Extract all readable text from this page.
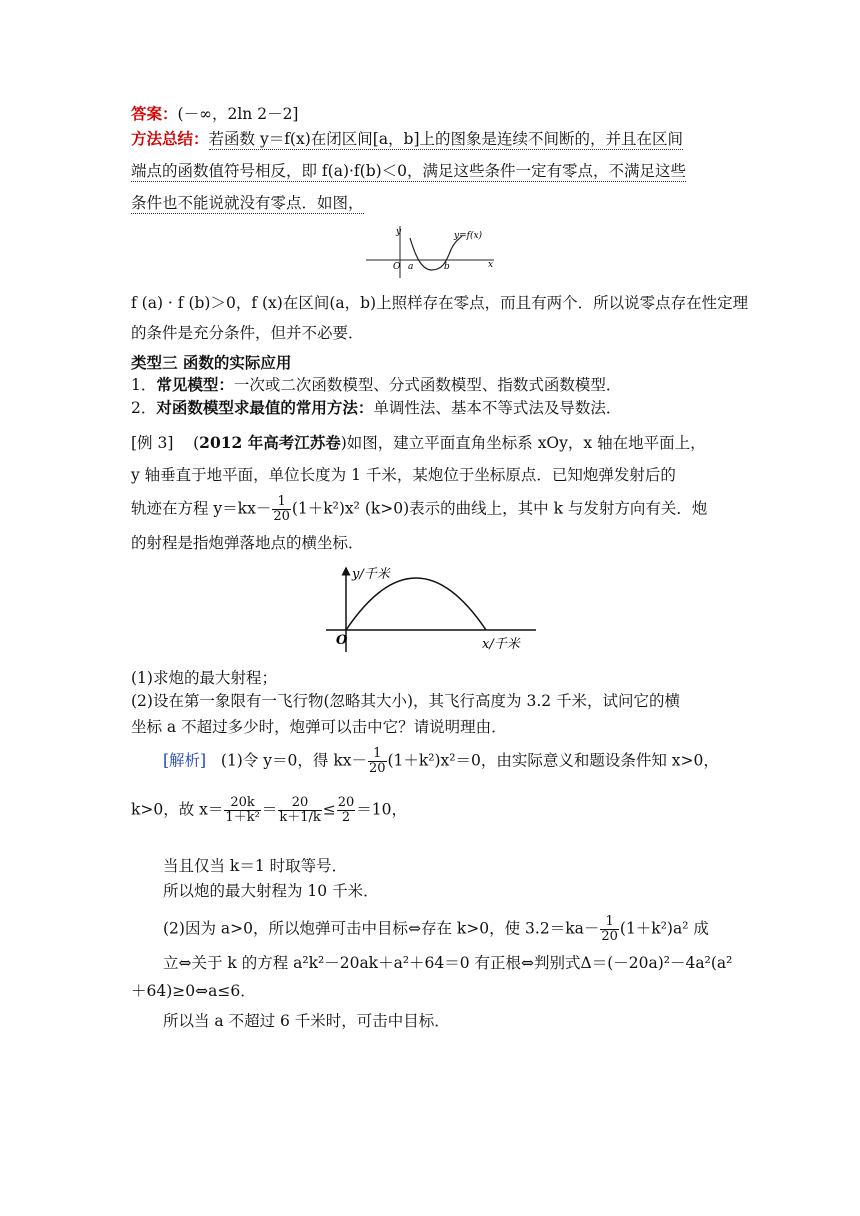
答案：(－∞，2ln 2－2]
方法总结：若函数 y＝f(x)在闭区间[a，b]上的图象是连续不间断的，并且在区间
端点的函数值符号相反，即 f(a)·f(b)＜0，满足这些条件一定有零点，不满足这些
条件也不能说就没有零点．如图，
y	y=f(x)
O a	b	x
f (a) · f (b)＞0，f (x)在区间(a，b)上照样存在零点，而且有两个．所以说零点存在性定理
的条件是充分条件，但并不必要．
类型三 函数的实际应用
1．常见模型：一次或二次函数模型、分式函数模型、指数式函数模型．
2．对函数模型求最值的常用方法：单调性法、基本不等式法及导数法．
[例 3] (2012 年高考江苏卷)如图，建立平面直角坐标系 xOy，x 轴在地平面上，
y 轴垂直于地平面，单位长度为 1 千米，某炮位于坐标原点．已知炮弹发射后的
轨迹在方程 $y=kx- \frac{1}{20} (1+k^2)x^2$ (k>0)表示的曲线上，其中 k 与发射方向有关．炮
的射程是指炮弹落地点的横坐标．
y/千米
O	x/千米
(1)求炮的最大射程；
(2)设在第一象限有一飞行物(忽略其大小)，其飞行高度为 3.2 千米，试问它的横
坐标 a 不超过多少时，炮弹可以击中它？请说明理由．
[解析] (1)令 y＝0，得 $kx- \frac{1}{20} (1+k^2)x^2=0$，由实际意义和题设条件知 x>0，
k>0，故 $x= \frac{20k}{\text{1＋k²}} = \frac{20}{k+1/k} \le \frac{20}{2} =10$，
当且仅当 k＝1 时取等号．
所以炮的最大射程为 10 千米．
(2)因为 a>0，所以炮弹可击中目标⇔存在 k>0，使 $3.2=ka- \frac{1}{20} (1+k^2)a^2$ 成
立⇔关于 k 的方程 a²k²－20ak＋a²＋64＝0 有正根⇔判别式Δ＝(－20a)²－4a²(a²
＋64)≥0⇔a≤6．
所以当 a 不超过 6 千米时，可击中目标．
